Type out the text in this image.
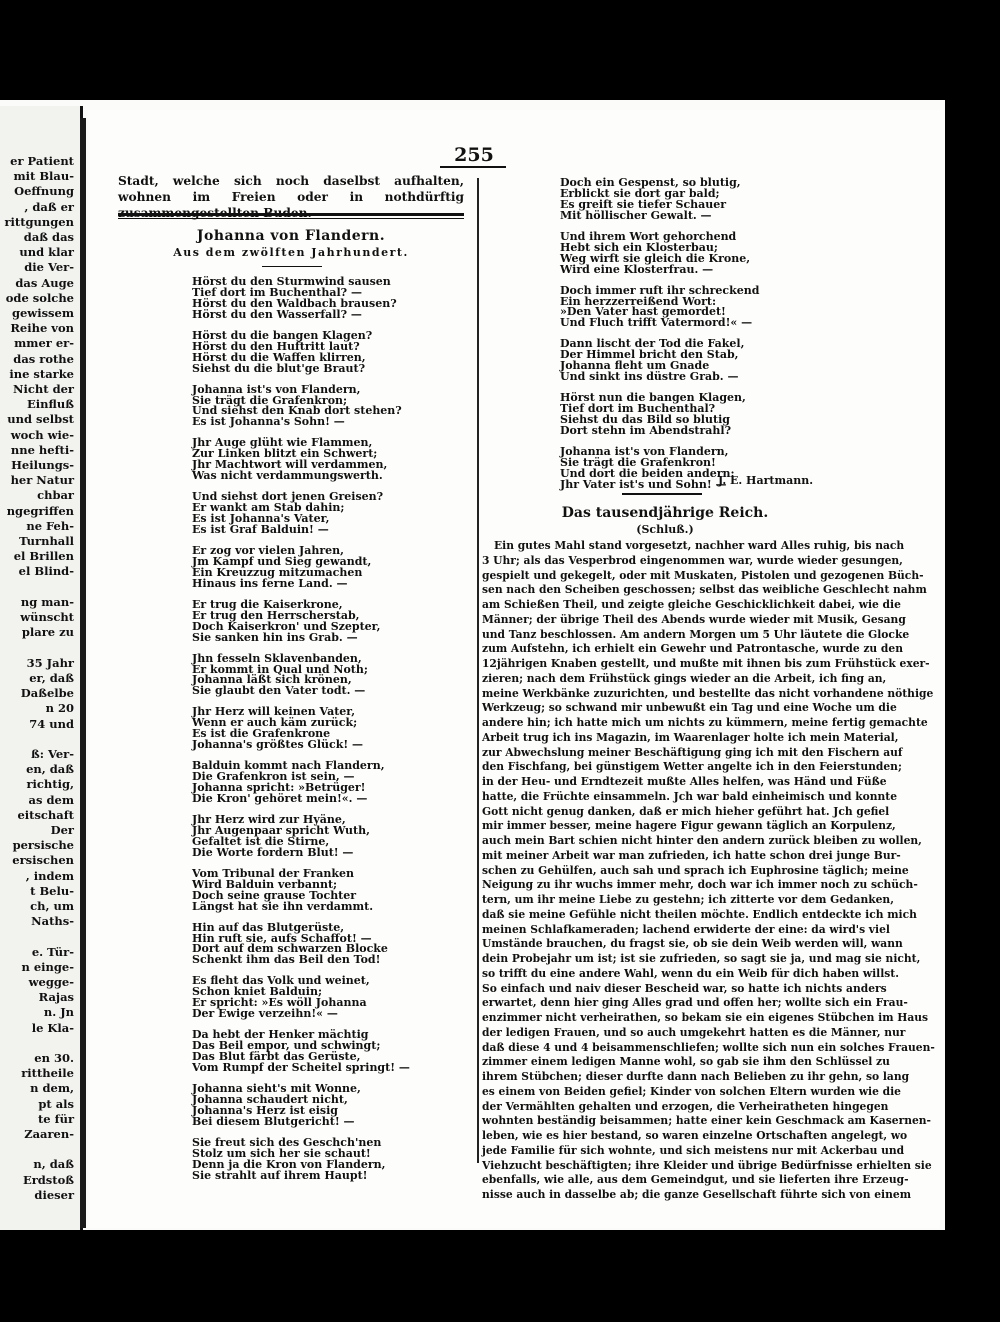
er Patient
mit Blau-
Oeffnung
, daß er
rittgungen
daß das
und klar
die Ver-
das Auge
ode solche
gewissem
Reihe von
mmer er-
das rothe
ine starke
Nicht der
Einfluß
und selbst
woch wie-
nne hefti-
Heilungs-
her Natur
chbar
ngegriffen
ne Feh-
Turnhall
el Brillen
el Blind-

ng man-
wünscht
plare zu

35 Jahr
er, daß
Daßelbe
n 20
74 und

ß: Ver-
en, daß
richtig,
as dem
eitschaft
Der
persische
ersischen
, indem
t Belu-
ch, um
Naths-

e. Tür-
n einge-
wegge-
Rajas
n. Jn
le Kla-

en 30.
rittheile
n dem,
pt als
te für
Zaaren-

n, daß
Erdstoß
dieser
255
Stadt, welche sich noch daselbst aufhalten, wohnen im Freien oder in nothdürftig
Johanna von Flandern.
Aus dem zwölften Jahrhundert.
Hörst du den Sturmwind sausen
Tief dort im Buchenthal? —
Hörst du den Waldbach brausen?
Hörst du den Wasserfall? —
Hörst du die bangen Klagen?
Hörst du den Huftritt laut?
Hörst du die Waffen klirren,
Siehst du die blut'ge Braut?
Johanna ist's von Flandern,
Sie trägt die Grafenkron;
Und siehst den Knab dort stehen?
Es ist Johanna's Sohn! —
Jhr Auge glüht wie Flammen,
Zur Linken blitzt ein Schwert;
Jhr Machtwort will verdammen,
Was nicht verdammungswerth.
Und siehst dort jenen Greisen?
Er wankt am Stab dahin;
Es ist Johanna's Vater,
Es ist Graf Balduin! —
Er zog vor vielen Jahren,
Jm Kampf und Sieg gewandt,
Ein Kreuzzug mitzumachen
Hinaus ins ferne Land. —
Er trug die Kaiserkrone,
Er trug den Herrscherstab,
Doch Kaiserkron' und Szepter,
Sie sanken hin ins Grab. —
Jhn fesseln Sklavenbanden,
Er kommt in Qual und Noth;
Johanna läßt sich krönen,
Sie glaubt den Vater todt. —
Jhr Herz will keinen Vater,
Wenn er auch käm zurück;
Es ist die Grafenkrone
Johanna's größtes Glück! —
Balduin kommt nach Flandern,
Die Grafenkron ist sein, —
Johanna spricht: »Betrüger!
Die Kron' gehöret mein!«. —
Jhr Herz wird zur Hyäne,
Jhr Augenpaar spricht Wuth,
Gefaltet ist die Stirne,
Die Worte fordern Blut! —
Vom Tribunal der Franken
Wird Balduin verbannt;
Doch seine grause Tochter
Längst hat sie ihn verdammt.
Hin auf das Blutgerüste,
Hin ruft sie, aufs Schaffot! —
Dort auf dem schwarzen Blocke
Schenkt ihm das Beil den Tod!
Es fleht das Volk und weinet,
Schon kniet Balduin;
Er spricht: »Es wöll Johanna
Der Ewige verzeihn!« —
Da hebt der Henker mächtig
Das Beil empor, und schwingt;
Das Blut färbt das Gerüste,
Vom Rumpf der Scheitel springt! —
Johanna sieht's mit Wonne,
Johanna schaudert nicht,
Johanna's Herz ist eisig
Bei diesem Blutgericht! —
Sie freut sich des Geschch'nen
Stolz um sich her sie schaut!
Denn ja die Kron von Flandern,
Sie strahlt auf ihrem Haupt!
Doch ein Gespenst, so blutig,
Erblickt sie dort gar bald;
Es greift sie tiefer Schauer
Mit höllischer Gewalt. —
Und ihrem Wort gehorchend
Hebt sich ein Klosterbau;
Weg wirft sie gleich die Krone,
Wird eine Klosterfrau. —
Doch immer ruft ihr schreckend
Ein herzzerreißend Wort:
»Den Vater hast gemordet!
Und Fluch trifft Vatermord!« —
Dann lischt der Tod die Fakel,
Der Himmel bricht den Stab,
Johanna fleht um Gnade
Und sinkt ins düstre Grab. —
Hörst nun die bangen Klagen,
Tief dort im Buchenthal?
Siehst du das Bild so blutig
Dort stehn im Abendstrahl?
Johanna ist's von Flandern,
Sie trägt die Grafenkron!
Und dort die beiden andern:
Jhr Vater ist's und Sohn! —
J. E. Hartmann.
Das tausendjährige Reich.
(Schluß.)
Ein gutes Mahl stand vorgesetzt, nachher ward Alles ruhig, bis nach
3 Uhr; als das Vesperbrod eingenommen war, wurde wieder gesungen,
gespielt und gekegelt, oder mit Muskaten, Pistolen und gezogenen Büch-
sen nach den Scheiben geschossen; selbst das weibliche Geschlecht nahm
am Schießen Theil, und zeigte gleiche Geschicklichkeit dabei, wie die
Männer; der übrige Theil des Abends wurde wieder mit Musik, Gesang
und Tanz beschlossen. Am andern Morgen um 5 Uhr läutete die Glocke
zum Aufstehn, ich erhielt ein Gewehr und Patrontasche, wurde zu den
12jährigen Knaben gestellt, und mußte mit ihnen bis zum Frühstück exer-
zieren; nach dem Frühstück gings wieder an die Arbeit, ich fing an,
meine Werkbänke zuzurichten, und bestellte das nicht vorhandene nöthige
Werkzeug; so schwand mir unbewußt ein Tag und eine Woche um die
andere hin; ich hatte mich um nichts zu kümmern, meine fertig gemachte
Arbeit trug ich ins Magazin, im Waarenlager holte ich mein Material,
zur Abwechslung meiner Beschäftigung ging ich mit den Fischern auf
den Fischfang, bei günstigem Wetter angelte ich in den Feierstunden;
in der Heu- und Erndtezeit mußte Alles helfen, was Händ und Füße
hatte, die Früchte einsammeln. Jch war bald einheimisch und konnte
Gott nicht genug danken, daß er mich hieher geführt hat. Jch gefiel
mir immer besser, meine hagere Figur gewann täglich an Korpulenz,
auch mein Bart schien nicht hinter den andern zurück bleiben zu wollen,
mit meiner Arbeit war man zufrieden, ich hatte schon drei junge Bur-
schen zu Gehülfen, auch sah und sprach ich Euphrosine täglich; meine
Neigung zu ihr wuchs immer mehr, doch war ich immer noch zu schüch-
tern, um ihr meine Liebe zu gestehn; ich zitterte vor dem Gedanken,
daß sie meine Gefühle nicht theilen möchte. Endlich entdeckte ich mich
meinen Schlafkameraden; lachend erwiderte der eine: da wird's viel
Umstände brauchen, du fragst sie, ob sie dein Weib werden will, wann
dein Probejahr um ist; ist sie zufrieden, so sagt sie ja, und mag sie nicht,
so trifft du eine andere Wahl, wenn du ein Weib für dich haben willst.
So einfach und naiv dieser Bescheid war, so hatte ich nichts anders
erwartet, denn hier ging Alles grad und offen her; wollte sich ein Frau-
enzimmer nicht verheirathen, so bekam sie ein eigenes Stübchen im Haus
der ledigen Frauen, und so auch umgekehrt hatten es die Männer, nur
daß diese 4 und 4 beisammenschliefen; wollte sich nun ein solches Frauen-
zimmer einem ledigen Manne wohl, so gab sie ihm den Schlüssel zu
ihrem Stübchen; dieser durfte dann nach Belieben zu ihr gehn, so lang
es einem von Beiden gefiel; Kinder von solchen Eltern wurden wie die
der Vermählten gehalten und erzogen, die Verheiratheten hingegen
wohnten beständig beisammen; hatte einer kein Geschmack am Kasernen-
leben, wie es hier bestand, so waren einzelne Ortschaften angelegt, wo
jede Familie für sich wohnte, und sich meistens nur mit Ackerbau und
Viehzucht beschäftigten; ihre Kleider und übrige Bedürfnisse erhielten sie
ebenfalls, wie alle, aus dem Gemeindgut, und sie lieferten ihre Erzeug-
nisse auch in dasselbe ab; die ganze Gesellschaft führte sich von einem
